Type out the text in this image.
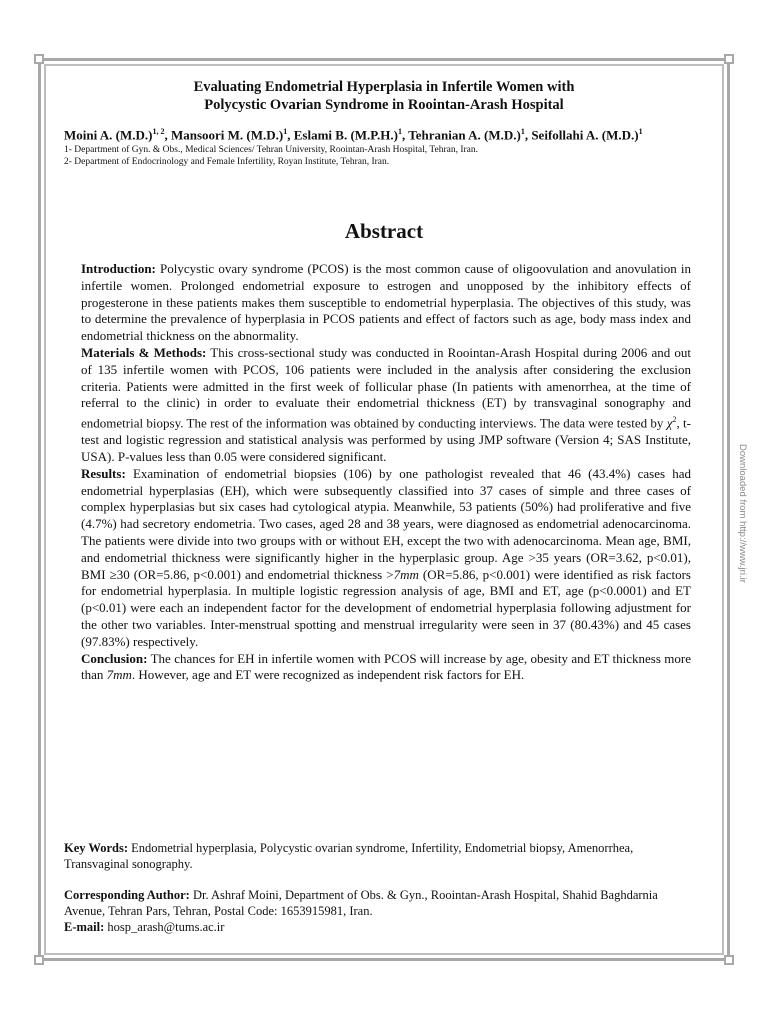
Evaluating Endometrial Hyperplasia in Infertile Women with
Polycystic Ovarian Syndrome in Roointan-Arash Hospital
Moini A. $(M.D.)^{1, 2}$, Mansoori M. $(M.D.)^1$, Eslami B. $(M.P.H.)^1$, Tehranian A. $(M.D.)^1$, Seifollahi A. $(M.D.)^1$
1- Department of Gyn. & Obs., Medical Sciences/ Tehran University, Roointan-Arash Hospital, Tehran, Iran.
2- Department of Endocrinology and Female Infertility, Royan Institute, Tehran, Iran.
Abstract

Introduction: Polycystic ovary syndrome (PCOS) is the most common cause of oligoovulation and anovulation in infertile women. Prolonged endometrial exposure to estrogen and unopposed by the inhibitory effects of progesterone in these patients makes them susceptible to endometrial hyperplasia. The objectives of this study, was to determine the prevalence of hyperplasia in PCOS patients and effect of factors such as age, body mass index and endometrial thickness on the abnormality.

Materials & Methods: This cross-sectional study was conducted in Roointan-Arash Hospital during 2006 and out of 135 infertile women with PCOS, 106 patients were included in the analysis after considering the exclusion criteria. Patients were admitted in the first week of follicular phase (In patients with amenorrhea, at the time of referral to the clinic) in order to evaluate their endometrial thickness (ET) by transvaginal sonography and endometrial biopsy. The rest of the information was obtained by conducting interviews. The data were tested by $\chi^2$, t-test and logistic regression and statistical analysis was performed by using JMP software (Version 4; SAS Institute, USA). P-values less than 0.05 were considered significant.

Results: Examination of endometrial biopsies (106) by one pathologist revealed that 46 (43.4%) cases had endometrial hyperplasias (EH), which were subsequently classified into 37 cases of simple and three cases of complex hyperplasias but six cases had cytological atypia. Meanwhile, 53 patients (50%) had proliferative and five (4.7%) had secretory endometria. Two cases, aged 28 and 38 years, were diagnosed as endometrial adenocarcinoma. The patients were divide into two groups with or without EH, except the two with adenocarcinoma. Mean age, BMI, and endometrial thickness were significantly higher in the hyperplasic group. Age >35 years (OR=3.62, p<0.01), BMI ≥30 (OR=5.86, p<0.001) and endometrial thickness >7mm (OR=5.86, p<0.001) were identified as risk factors for endometrial hyperplasia. In multiple logistic regression analysis of age, BMI and ET, age (p<0.0001) and ET (p<0.01) were each an independent factor for the development of endometrial hyperplasia following adjustment for the other two variables. Inter-menstrual spotting and menstrual irregularity were seen in 37 (80.43%) and 45 cases (97.83%) respectively.

Conclusion: The chances for EH in infertile women with PCOS will increase by age, obesity and ET thickness more than 7mm. However, age and ET were recognized as independent risk factors for EH.

Key Words: Endometrial hyperplasia, Polycystic ovarian syndrome, Infertility, Endometrial biopsy, Amenorrhea, Transvaginal sonography.
Corresponding Author: Dr. Ashraf Moini, Department of Obs. & Gyn., Roointan-Arash Hospital, Shahid Baghdarnia Avenue, Tehran Pars, Tehran, Postal Code: 1653915981, Iran.
E-mail: hosp_arash@tums.ac.ir
Downloaded from http://www.jri.ir
